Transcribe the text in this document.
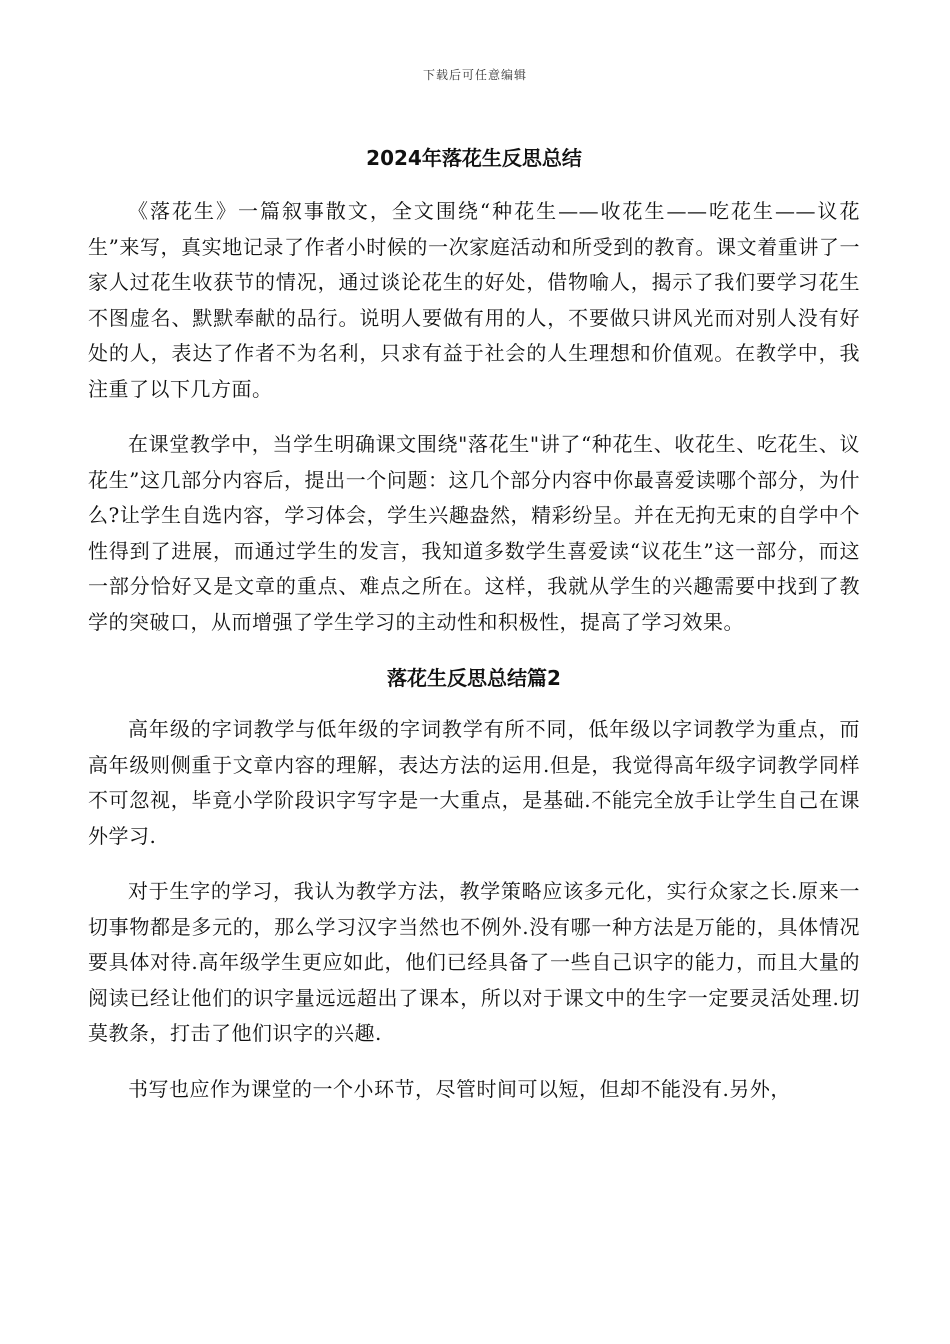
下载后可任意编辑
2024年落花生反思总结

《落花生》一篇叙事散文，全文围绕“种花生——收花生——吃花生——议花生”来写，真实地记录了作者小时候的一次家庭活动和所受到的教育。课文着重讲了一家人过花生收获节的情况，通过谈论花生的好处，借物喻人，揭示了我们要学习花生不图虚名、默默奉献的品行。说明人要做有用的人，不要做只讲风光而对别人没有好处的人，表达了作者不为名利，只求有益于社会的人生理想和价值观。在教学中，我注重了以下几方面。

在课堂教学中，当学生明确课文围绕"落花生"讲了“种花生、收花生、吃花生、议花生”这几部分内容后，提出一个问题：这几个部分内容中你最喜爱读哪个部分，为什么?让学生自选内容，学习体会，学生兴趣盎然，精彩纷呈。并在无拘无束的自学中个性得到了进展，而通过学生的发言，我知道多数学生喜爱读“议花生”这一部分，而这一部分恰好又是文章的重点、难点之所在。这样，我就从学生的兴趣需要中找到了教学的突破口，从而增强了学生学习的主动性和积极性，提高了学习效果。

落花生反思总结篇2

高年级的字词教学与低年级的字词教学有所不同，低年级以字词教学为重点，而高年级则侧重于文章内容的理解，表达方法的运用.但是，我觉得高年级字词教学同样不可忽视，毕竟小学阶段识字写字是一大重点，是基础.不能完全放手让学生自己在课外学习.

对于生字的学习，我认为教学方法，教学策略应该多元化，实行众家之长.原来一切事物都是多元的，那么学习汉字当然也不例外.没有哪一种方法是万能的，具体情况要具体对待.高年级学生更应如此，他们已经具备了一些自己识字的能力，而且大量的阅读已经让他们的识字量远远超出了课本，所以对于课文中的生字一定要灵活处理.切莫教条，打击了他们识字的兴趣.

书写也应作为课堂的一个小环节，尽管时间可以短，但却不能没有.另外，
